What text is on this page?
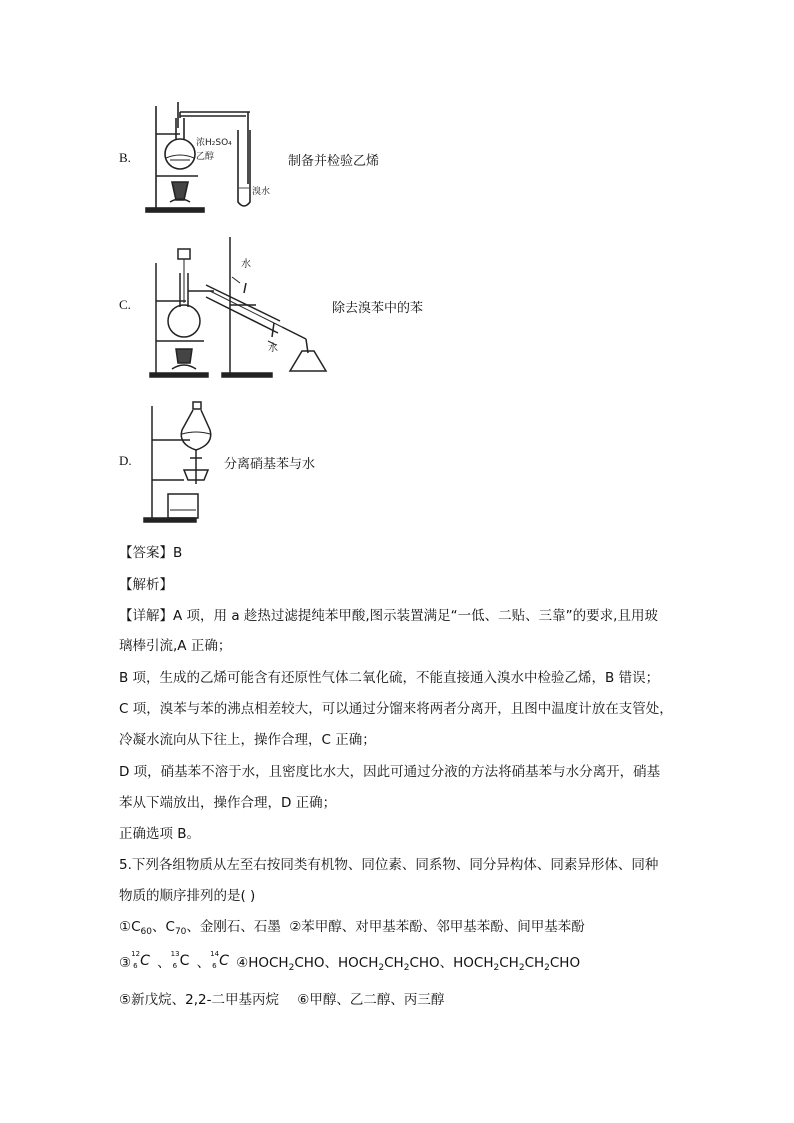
B.
浓H₂SO₄
乙醇
溴水
制备并检验乙烯
C.
水
水
除去溴苯中的苯
D.	分离硝基苯与水
【答案】B
【解析】
【详解】A 项，用 a 趁热过滤提纯苯甲酸,图示装置满足“一低、二贴、三靠”的要求,且用玻
璃棒引流,A 正确；
B 项，生成的乙烯可能含有还原性气体二氧化硫，不能直接通入溴水中检验乙烯，B 错误；
C 项，溴苯与苯的沸点相差较大，可以通过分馏来将两者分离开，且图中温度计放在支管处，
冷凝水流向从下往上，操作合理，C 正确；
D 项，硝基苯不溶于水，且密度比水大，因此可通过分液的方法将硝基苯与水分离开，硝基
苯从下端放出，操作合理，D 正确；
正确选项 B。
5.下列各组物质从左至右按同类有机物、同位素、同系物、同分异构体、同素异形体、同种
物质的顺序排列的是( )
$①C_{60}$、$C_{70}$、金刚石、石墨 ②苯甲醇、对甲基苯酚、邻甲基苯酚、间甲基苯酚
③
12
6 C 、
13
6 C 、
14
6 C $④HOCH_2CHO$、$HOCH_2CH_2CHO$、$HOCH_2CH_2CH_2CHO$
⑤新戊烷、2,2-二甲基丙烷 ⑥甲醇、乙二醇、丙三醇
